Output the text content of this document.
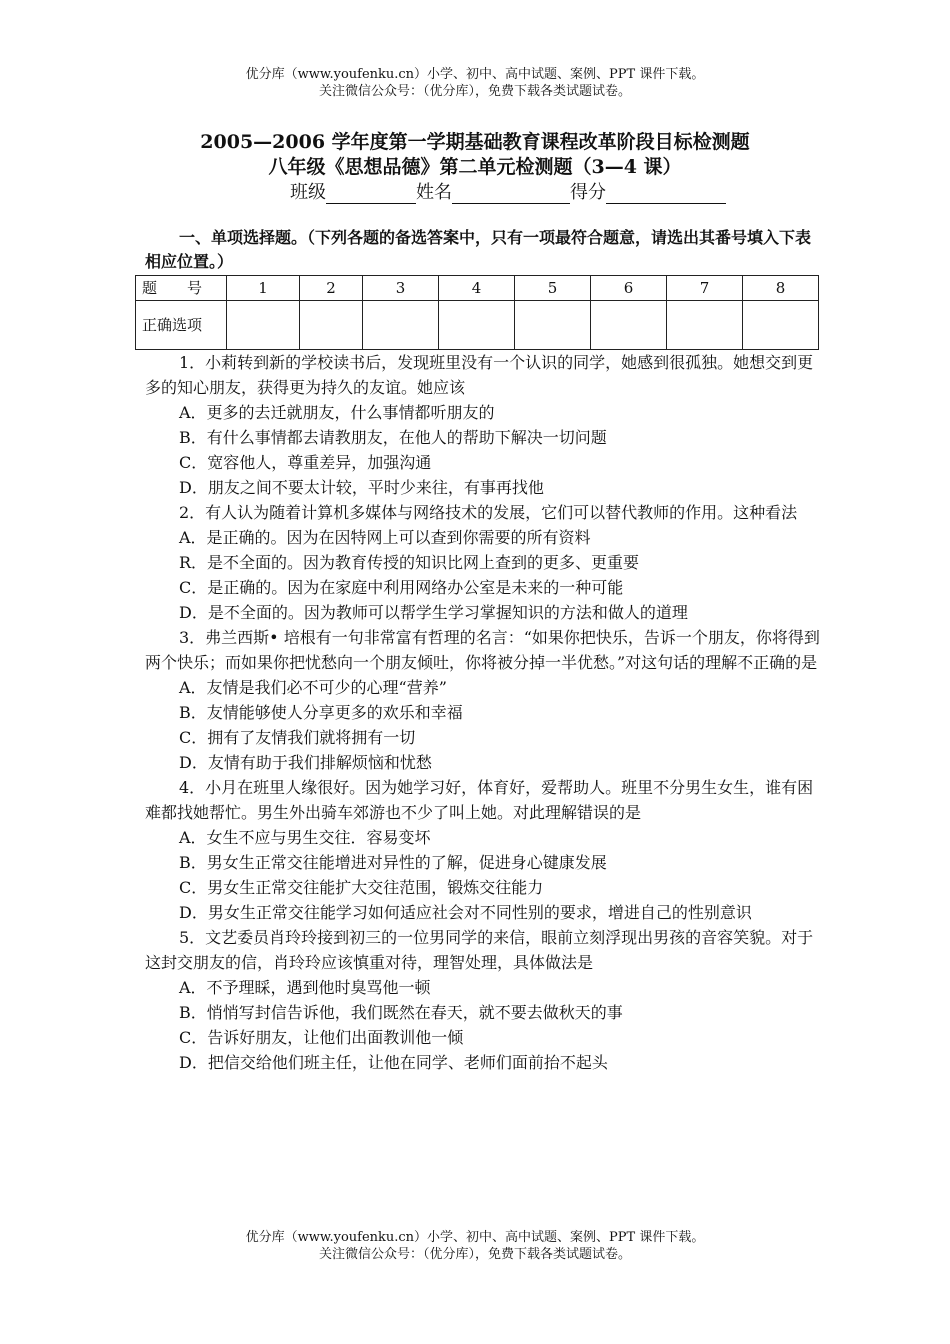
优分库（www.youfenku.cn）小学、初中、高中试题、案例、PPT 课件下载。
关注微信公众号：（优分库），免费下载各类试题试卷。
2005—2006 学年度第一学期基础教育课程改革阶段目标检测题
八年级《思想品德》第二单元检测题（3—4 课）
班级	姓名	得分
一、单项选择题。（下列各题的备选答案中，只有一项最符合题意，请选出其番号填入下表相应位置。）
题　　号	1	2	3	4	5	6	7	8
正确选项								
1．小莉转到新的学校读书后，发现班里没有一个认识的同学，她感到很孤独。她想交到更多的知心朋友，获得更为持久的友谊。她应该
A．更多的去迁就朋友，什么事情都听朋友的
B．有什么事情都去请教朋友，在他人的帮助下解决一切问题
C．宽容他人，尊重差异，加强沟通
D．朋友之间不要太计较，平时少来往，有事再找他
2．有人认为随着计算机多媒体与网络技术的发展，它们可以替代教师的作用。这种看法
A．是正确的。因为在因特网上可以查到你需要的所有资料
R．是不全面的。因为教育传授的知识比网上查到的更多、更重要
C．是正确的。因为在家庭中利用网络办公室是未来的一种可能
D．是不全面的。因为教师可以帮学生学习掌握知识的方法和做人的道理
3．弗兰西斯• 培根有一句非常富有哲理的名言：“如果你把快乐，告诉一个朋友，你将得到两个快乐；而如果你把忧愁向一个朋友倾吐，你将被分掉一半优愁。”对这句话的理解不正确的是
A．友情是我们必不可少的心理“营养”
B．友情能够使人分享更多的欢乐和幸福
C．拥有了友情我们就将拥有一切
D．友情有助于我们排解烦恼和忧愁
4．小月在班里人缘很好。因为她学习好，体育好，爱帮助人。班里不分男生女生，谁有困难都找她帮忙。男生外出骑车郊游也不少了叫上她。对此理解错误的是
A．女生不应与男生交往．容易变坏
B．男女生正常交往能增进对异性的了解，促进身心键康发展
C．男女生正常交往能扩大交往范围，锻炼交往能力
D．男女生正常交往能学习如何适应社会对不同性别的要求，增进自己的性别意识
5．文艺委员肖玲玲接到初三的一位男同学的来信，眼前立刻浮现出男孩的音容笑貌。对于这封交朋友的信，肖玲玲应该慎重对待，理智处理，具体做法是
A．不予理睬，遇到他时臭骂他一顿
B．悄悄写封信告诉他，我们既然在春天，就不要去做秋天的事
C．告诉好朋友，让他们出面教训他一倾
D．把信交给他们班主任，让他在同学、老师们面前抬不起头
优分库（www.youfenku.cn）小学、初中、高中试题、案例、PPT 课件下载。
关注微信公众号：（优分库），免费下载各类试题试卷。
